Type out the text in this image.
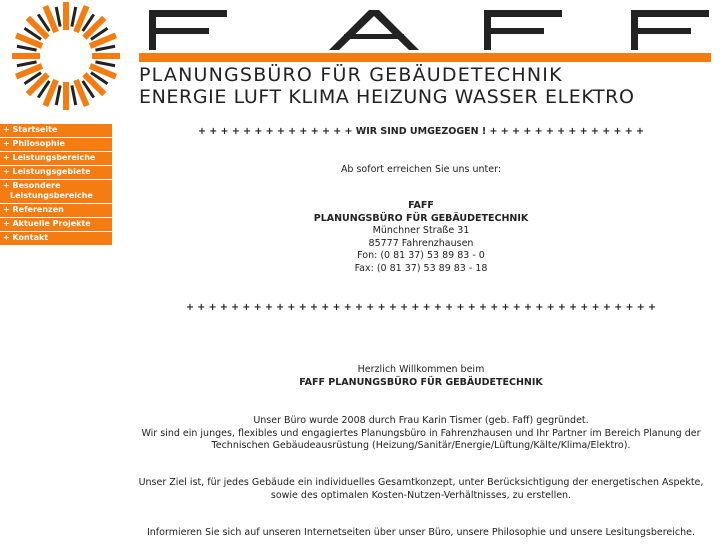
PLANUNGSBÜRO FÜR GEBÄUDETECHNIK
ENERGIE LUFT KLIMA HEIZUNG WASSER ELEKTRO
+ Startseite
+ Philosophie
+ Leistungsbereiche
+ Leistungsgebiete
+ Besondere
Leistungsbereiche
+ Referenzen
+ Aktuelle Projekte
+ Kontakt
+ + + + + + + + + + + + + + WIR SIND UMGEZOGEN ! + + + + + + + + + + + + + +

Ab sofort erreichen Sie uns unter:

FAFF

PLANUNGSBÜRO FÜR GEBÄUDETECHNIK

Münchner Straße 31

85777 Fahrenzhausen

Fon: (0 81 37) 53 89 83 - 0

Fax: (0 81 37) 53 89 83 - 18

+ + + + + + + + + + + + + + + + + + + + + + + + + + + + + + + + + + + + + + + + + +

Herzlich Willkommen beim

FAFF PLANUNGSBÜRO FÜR GEBÄUDETECHNIK

Unser Büro wurde 2008 durch Frau Karin Tismer (geb. Faff) gegründet.

Wir sind ein junges, flexibles und engagiertes Planungsbüro in Fahrenzhausen und Ihr Partner im Bereich Planung der

Technischen Gebäudeausrüstung (Heizung/Sanitär/Energie/Lüftung/Kälte/Klima/Elektro).

Unser Ziel ist, für jedes Gebäude ein individuelles Gesamtkonzept, unter Berücksichtigung der energetischen Aspekte,

sowie des optimalen Kosten-Nutzen-Verhältnisses, zu erstellen.

Informieren Sie sich auf unseren Internetseiten über unser Büro, unsere Philosophie und unsere Lesitungsbereiche.
